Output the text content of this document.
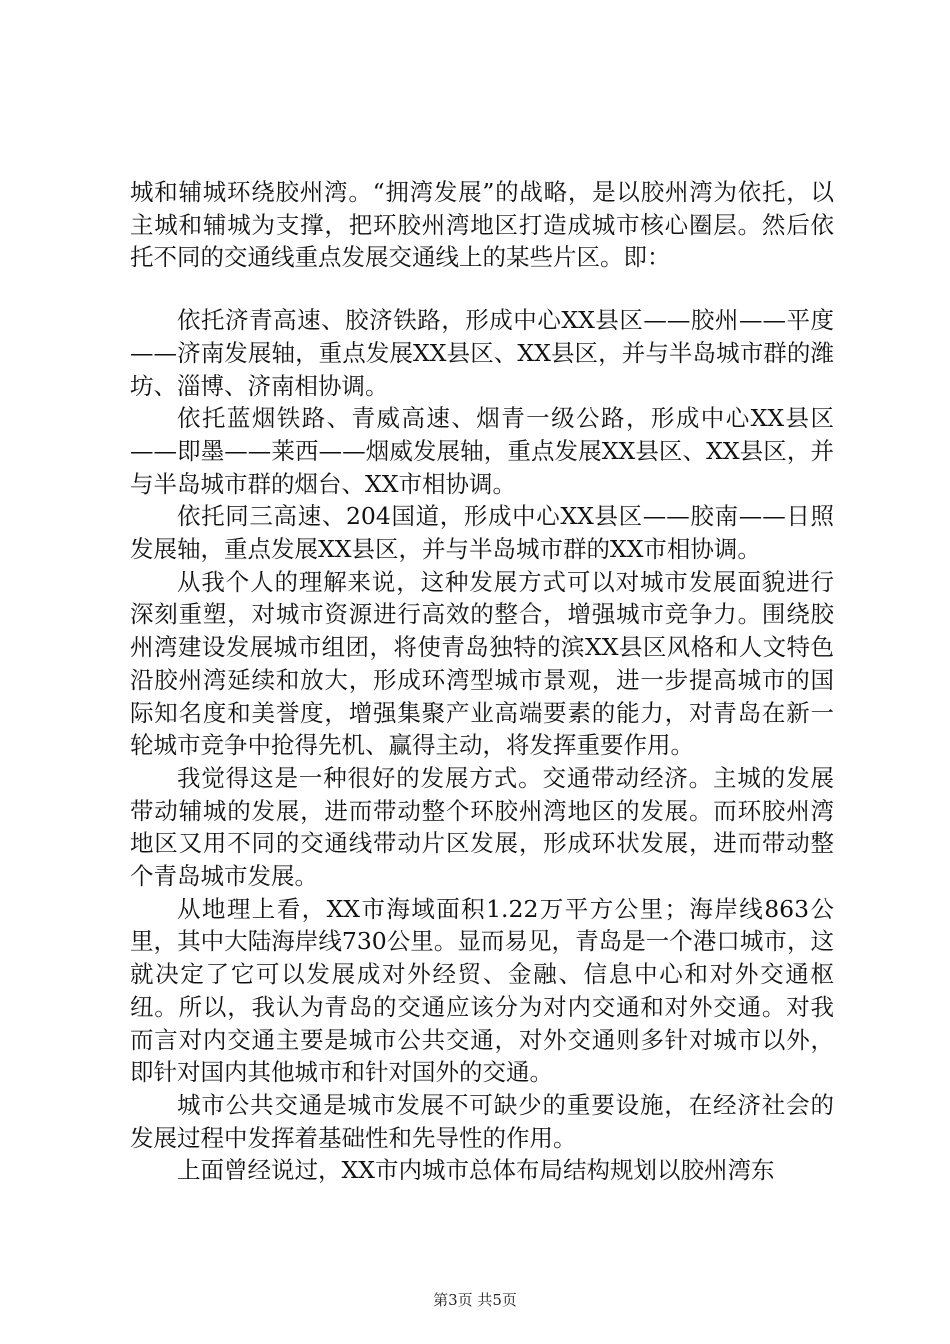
城和辅城环绕胶州湾。“拥湾发展”的战略，是以胶州湾为依托，以主城和辅城为支撑，把环胶州湾地区打造成城市核心圈层。然后依托不同的交通线重点发展交通线上的某些片区。即：

依托济青高速、胶济铁路，形成中心XX县区——胶州——平度——济南发展轴，重点发展XX县区、XX县区，并与半岛城市群的潍坊、淄博、济南相协调。

依托蓝烟铁路、青威高速、烟青一级公路，形成中心XX县区——即墨——莱西——烟威发展轴，重点发展XX县区、XX县区，并与半岛城市群的烟台、XX市相协调。

依托同三高速、204国道，形成中心XX县区——胶南——日照发展轴，重点发展XX县区，并与半岛城市群的XX市相协调。

从我个人的理解来说，这种发展方式可以对城市发展面貌进行深刻重塑，对城市资源进行高效的整合，增强城市竞争力。围绕胶州湾建设发展城市组团，将使青岛独特的滨XX县区风格和人文特色沿胶州湾延续和放大，形成环湾型城市景观，进一步提高城市的国际知名度和美誉度，增强集聚产业高端要素的能力，对青岛在新一轮城市竞争中抢得先机、赢得主动，将发挥重要作用。

我觉得这是一种很好的发展方式。交通带动经济。主城的发展带动辅城的发展，进而带动整个环胶州湾地区的发展。而环胶州湾地区又用不同的交通线带动片区发展，形成环状发展，进而带动整个青岛城市发展。

从地理上看，XX市海域面积1.22万平方公里；海岸线863公里，其中大陆海岸线730公里。显而易见，青岛是一个港口城市，这就决定了它可以发展成对外经贸、金融、信息中心和对外交通枢纽。所以，我认为青岛的交通应该分为对内交通和对外交通。对我而言对内交通主要是城市公共交通，对外交通则多针对城市以外，即针对国内其他城市和针对国外的交通。

城市公共交通是城市发展不可缺少的重要设施，在经济社会的发展过程中发挥着基础性和先导性的作用。

上面曾经说过，XX市内城市总体布局结构规划以胶州湾东

第3页 共5页
